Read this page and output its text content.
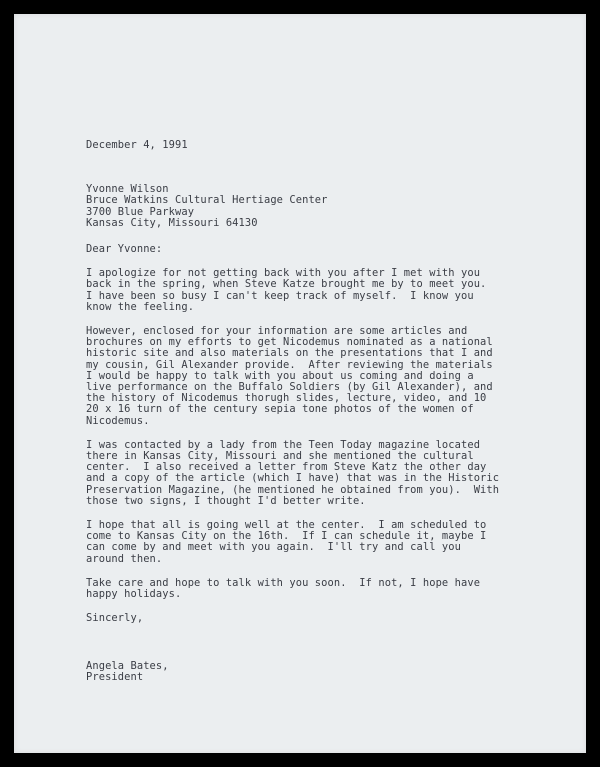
December 4, 1991
Yvonne Wilson
Bruce Watkins Cultural Hertiage Center
3700 Blue Parkway
Kansas City, Missouri 64130
Dear Yvonne:
I apologize for not getting back with you after I met with you
back in the spring, when Steve Katze brought me by to meet you.
I have been so busy I can't keep track of myself.  I know you
know the feeling.
However, enclosed for your information are some articles and
brochures on my efforts to get Nicodemus nominated as a national
historic site and also materials on the presentations that I and
my cousin, Gil Alexander provide.  After reviewing the materials
I would be happy to talk with you about us coming and doing a
live performance on the Buffalo Soldiers (by Gil Alexander), and
the history of Nicodemus thorugh slides, lecture, video, and 10
20 x 16 turn of the century sepia tone photos of the women of
Nicodemus.
I was contacted by a lady from the Teen Today magazine located
there in Kansas City, Missouri and she mentioned the cultural
center.  I also received a letter from Steve Katz the other day
and a copy of the article (which I have) that was in the Historic
Preservation Magazine, (he mentioned he obtained from you).  With
those two signs, I thought I'd better write.
I hope that all is going well at the center.  I am scheduled to
come to Kansas City on the 16th.  If I can schedule it, maybe I
can come by and meet with you again.  I'll try and call you
around then.
Take care and hope to talk with you soon.  If not, I hope have
happy holidays.
Sincerly,
Angela Bates,
President
